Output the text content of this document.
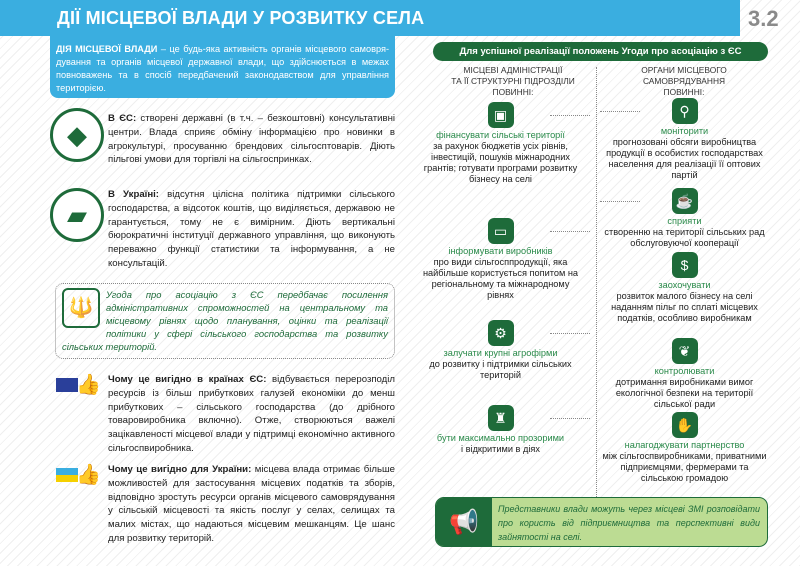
ДІЇ МІСЦЕВОЇ ВЛАДИ У РОЗВИТКУ СЕЛА	3.2
ДІЯ МІСЦЕВОЇ ВЛАДИ – це будь-яка активність органів місцевого самовря-дування та органів місцевої державної влади, що здійснюється в межах повноважень та в спосіб передбачений законодавством для управління територією.
◆
В ЄС: створені державні (в т.ч. – безкоштовні) консультативні центри. Влада сприяє обміну інформацією про новинки в агрокультурі, просуванню брендових сільгосптоварів. Діють пільгові умови для торгівлі на сільгоспринках.
▰
В Україні: відсутня цілісна політика підтримки сільського господарства, а відсоток коштів, що виділяється, державою не гарантується, тому не є вимірним. Діють вертикальні бюрократичні інституції державного управління, що виконують переважно функції статистики та інформування, а не консультацій.
🔱
Угода про асоціацію з ЄС передбачає посилення адміністративних спроможностей на центральному та місцевому рівнях щодо планування, оцінки та реалізації політики у сфері сільського господарства та розвитку сільських територій.
👍 Чому це вигідно в країнах ЄС: відбувається перерозподіл ресурсів із більш прибуткових галузей економіки до менш прибуткових – сільського господарства (до дрібного товаровиробника включно). Отже, створюються важелі зацікавленості місцевої влади у підтримці економічно активного сільгоспвиробника.
👍 Чому це вигідно для України: місцева влада отримає більше можливостей для застосування місцевих податків та зборів, відповідно зростуть ресурси органів місцевого самоврядування у сільській місцевості та якість послуг у селах, селищах та малих містах, що надаються місцевим мешканцям. Це шанс для розвитку територій.
Для успішної реалізації положень Угоди про асоціацію з ЄС
МІСЦЕВІ АДМІНІСТРАЦІЇ
ТА ЇЇ СТРУКТУРНІ ПІДРОЗДІЛИ
ПОВИННІ:
ОРГАНИ МІСЦЕВОГО
САМОВРЯДУВАННЯ
ПОВИННІ:
▣
фінансувати сільські території
за рахунок бюджетів усіх рівнів, інвестицій, пошуків міжнародних грантів; готувати програми розвитку бізнесу на селі
▭
інформувати виробників
про види сільгосппродукції, яка найбільше користується попитом на регіональному та міжнародному рівнях
⚙
залучати крупні агрофірми
до розвитку і підтримки сільських територій
♜
бути максимально прозорими
і відкритими в діях
⚲
моніторити
прогнозовані обсяги виробництва продукції в особистих господарствах населення для реалізації її оптових партій
☕
сприяти
створенню на території сільських рад обслуговуючої кооперації
$
заохочувати
розвиток малого бізнесу на селі наданням пільг по сплаті місцевих податків, особливо виробникам
❦
контролювати
дотримання виробниками вимог екологічної безпеки на території сільської ради
✋
налагоджувати партнерство
між сільгоспвиробниками, приватними підприємцями, фермерами та сільською громадою
📢	Представники влади можуть через місцеві ЗМІ розповідати про користь від підприємництва та перспективні види зайнятості на селі.
